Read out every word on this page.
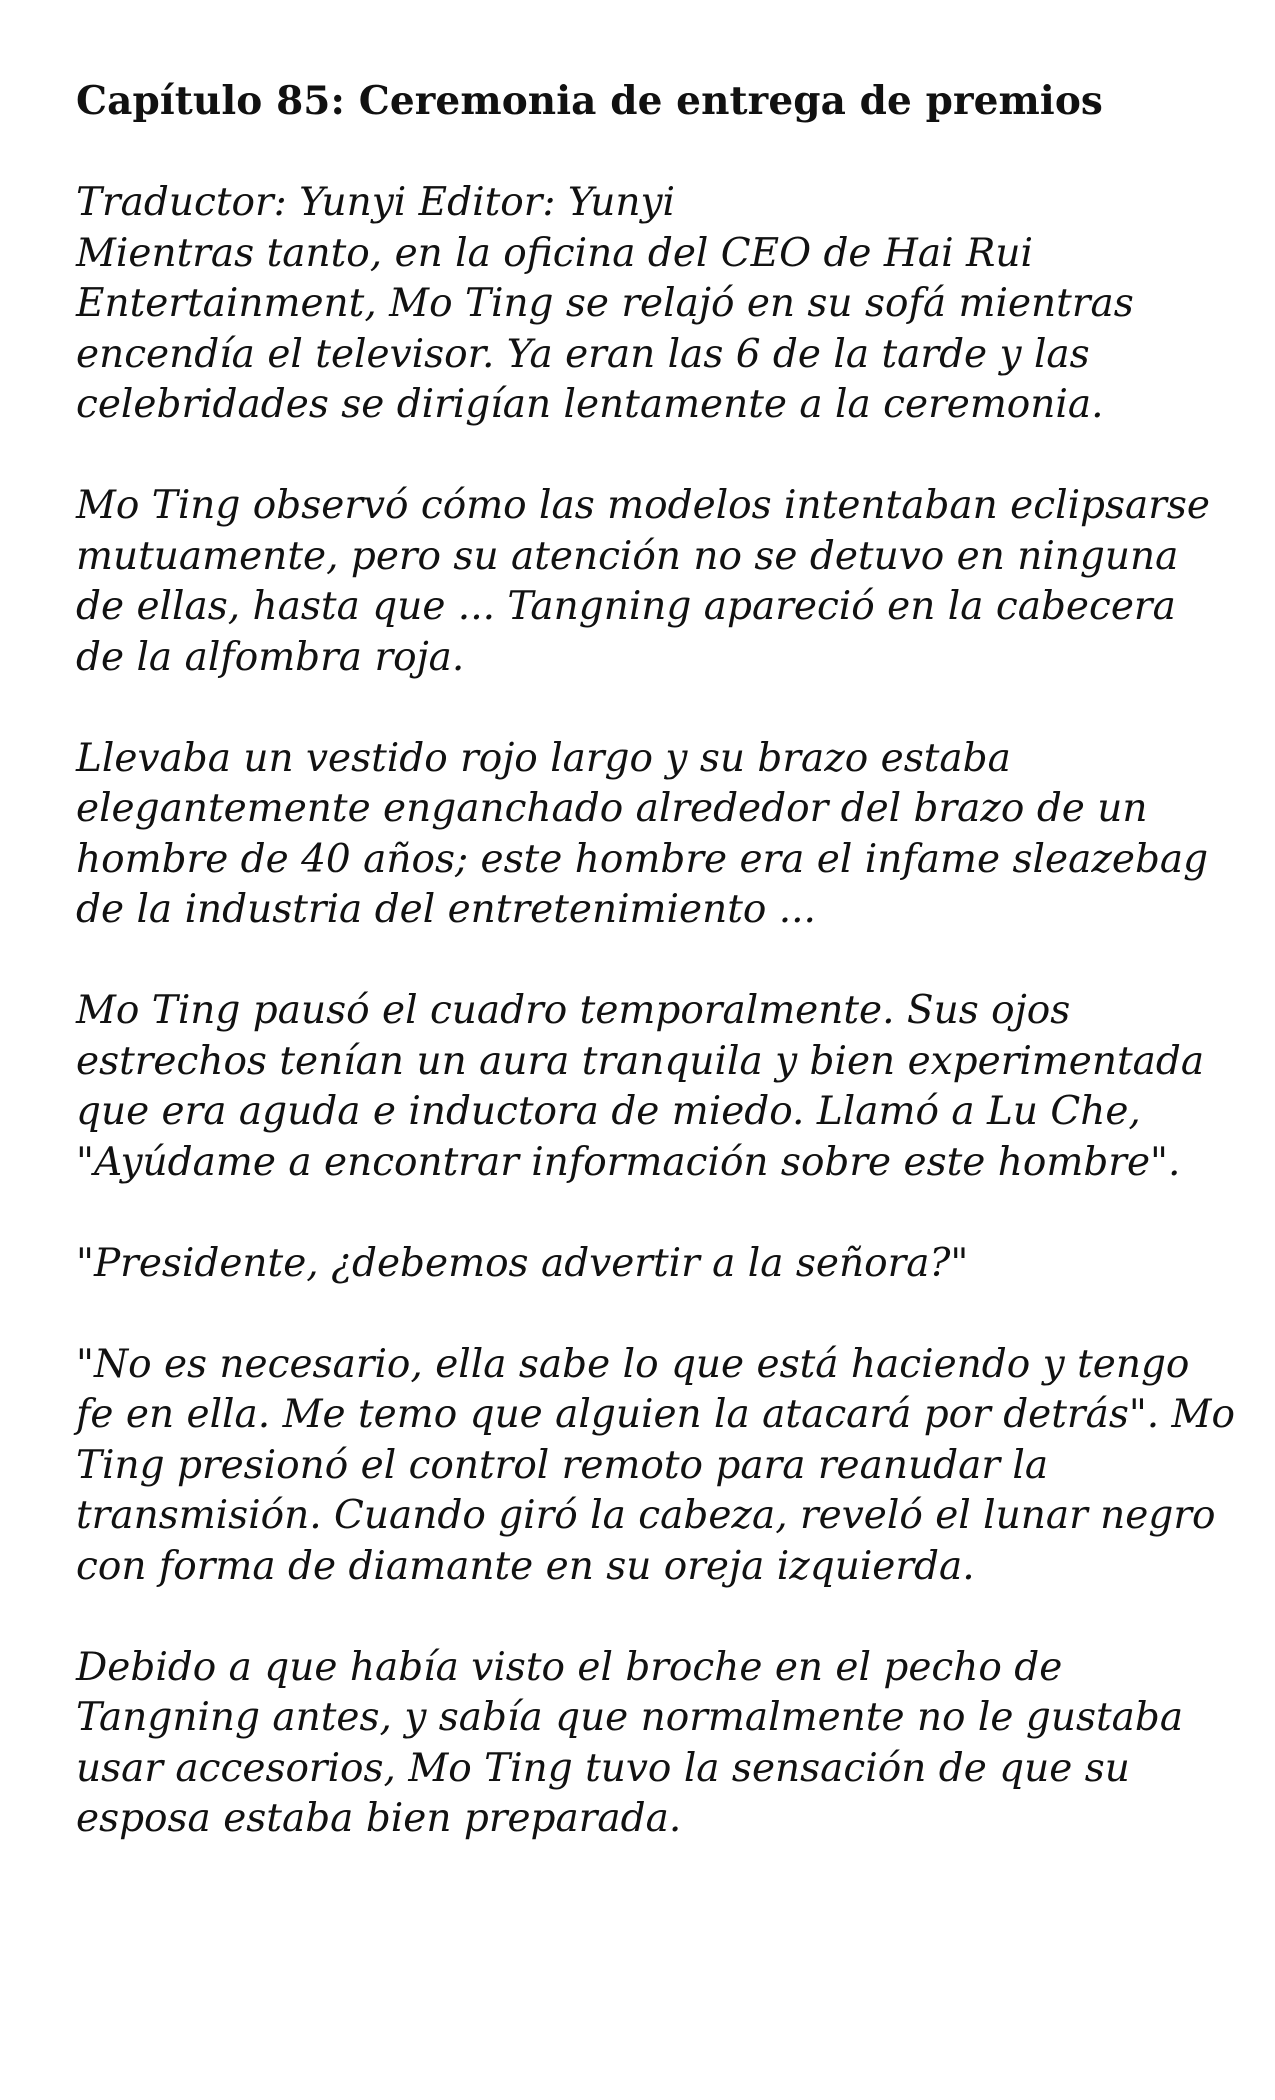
Capítulo 85: Ceremonia de entrega de premios

Traductor: Yunyi Editor: Yunyi

Mientras tanto, en la oficina del CEO de Hai Rui Entertainment, Mo Ting se relajó en su sofá mientras encendía el televisor. Ya eran las 6 de la tarde y las celebridades se dirigían lentamente a la ceremonia.

Mo Ting observó cómo las modelos intentaban eclipsarse mutuamente, pero su atención no se detuvo en ninguna de ellas, hasta que ... Tangning apareció en la cabecera de la alfombra roja.

Llevaba un vestido rojo largo y su brazo estaba elegantemente enganchado alrededor del brazo de un hombre de 40 años; este hombre era el infame sleazebag de la industria del entretenimiento ...

Mo Ting pausó el cuadro temporalmente. Sus ojos estrechos tenían un aura tranquila y bien experimentada que era aguda e inductora de miedo. Llamó a Lu Che, "Ayúdame a encontrar información sobre este hombre".

"Presidente, ¿debemos advertir a la señora?"

"No es necesario, ella sabe lo que está haciendo y tengo fe en ella. Me temo que alguien la atacará por detrás". Mo Ting presionó el control remoto para reanudar la transmisión. Cuando giró la cabeza, reveló el lunar negro con forma de diamante en su oreja izquierda.

Debido a que había visto el broche en el pecho de Tangning antes, y sabía que normalmente no le gustaba usar accesorios, Mo Ting tuvo la sensación de que su esposa estaba bien preparada.
